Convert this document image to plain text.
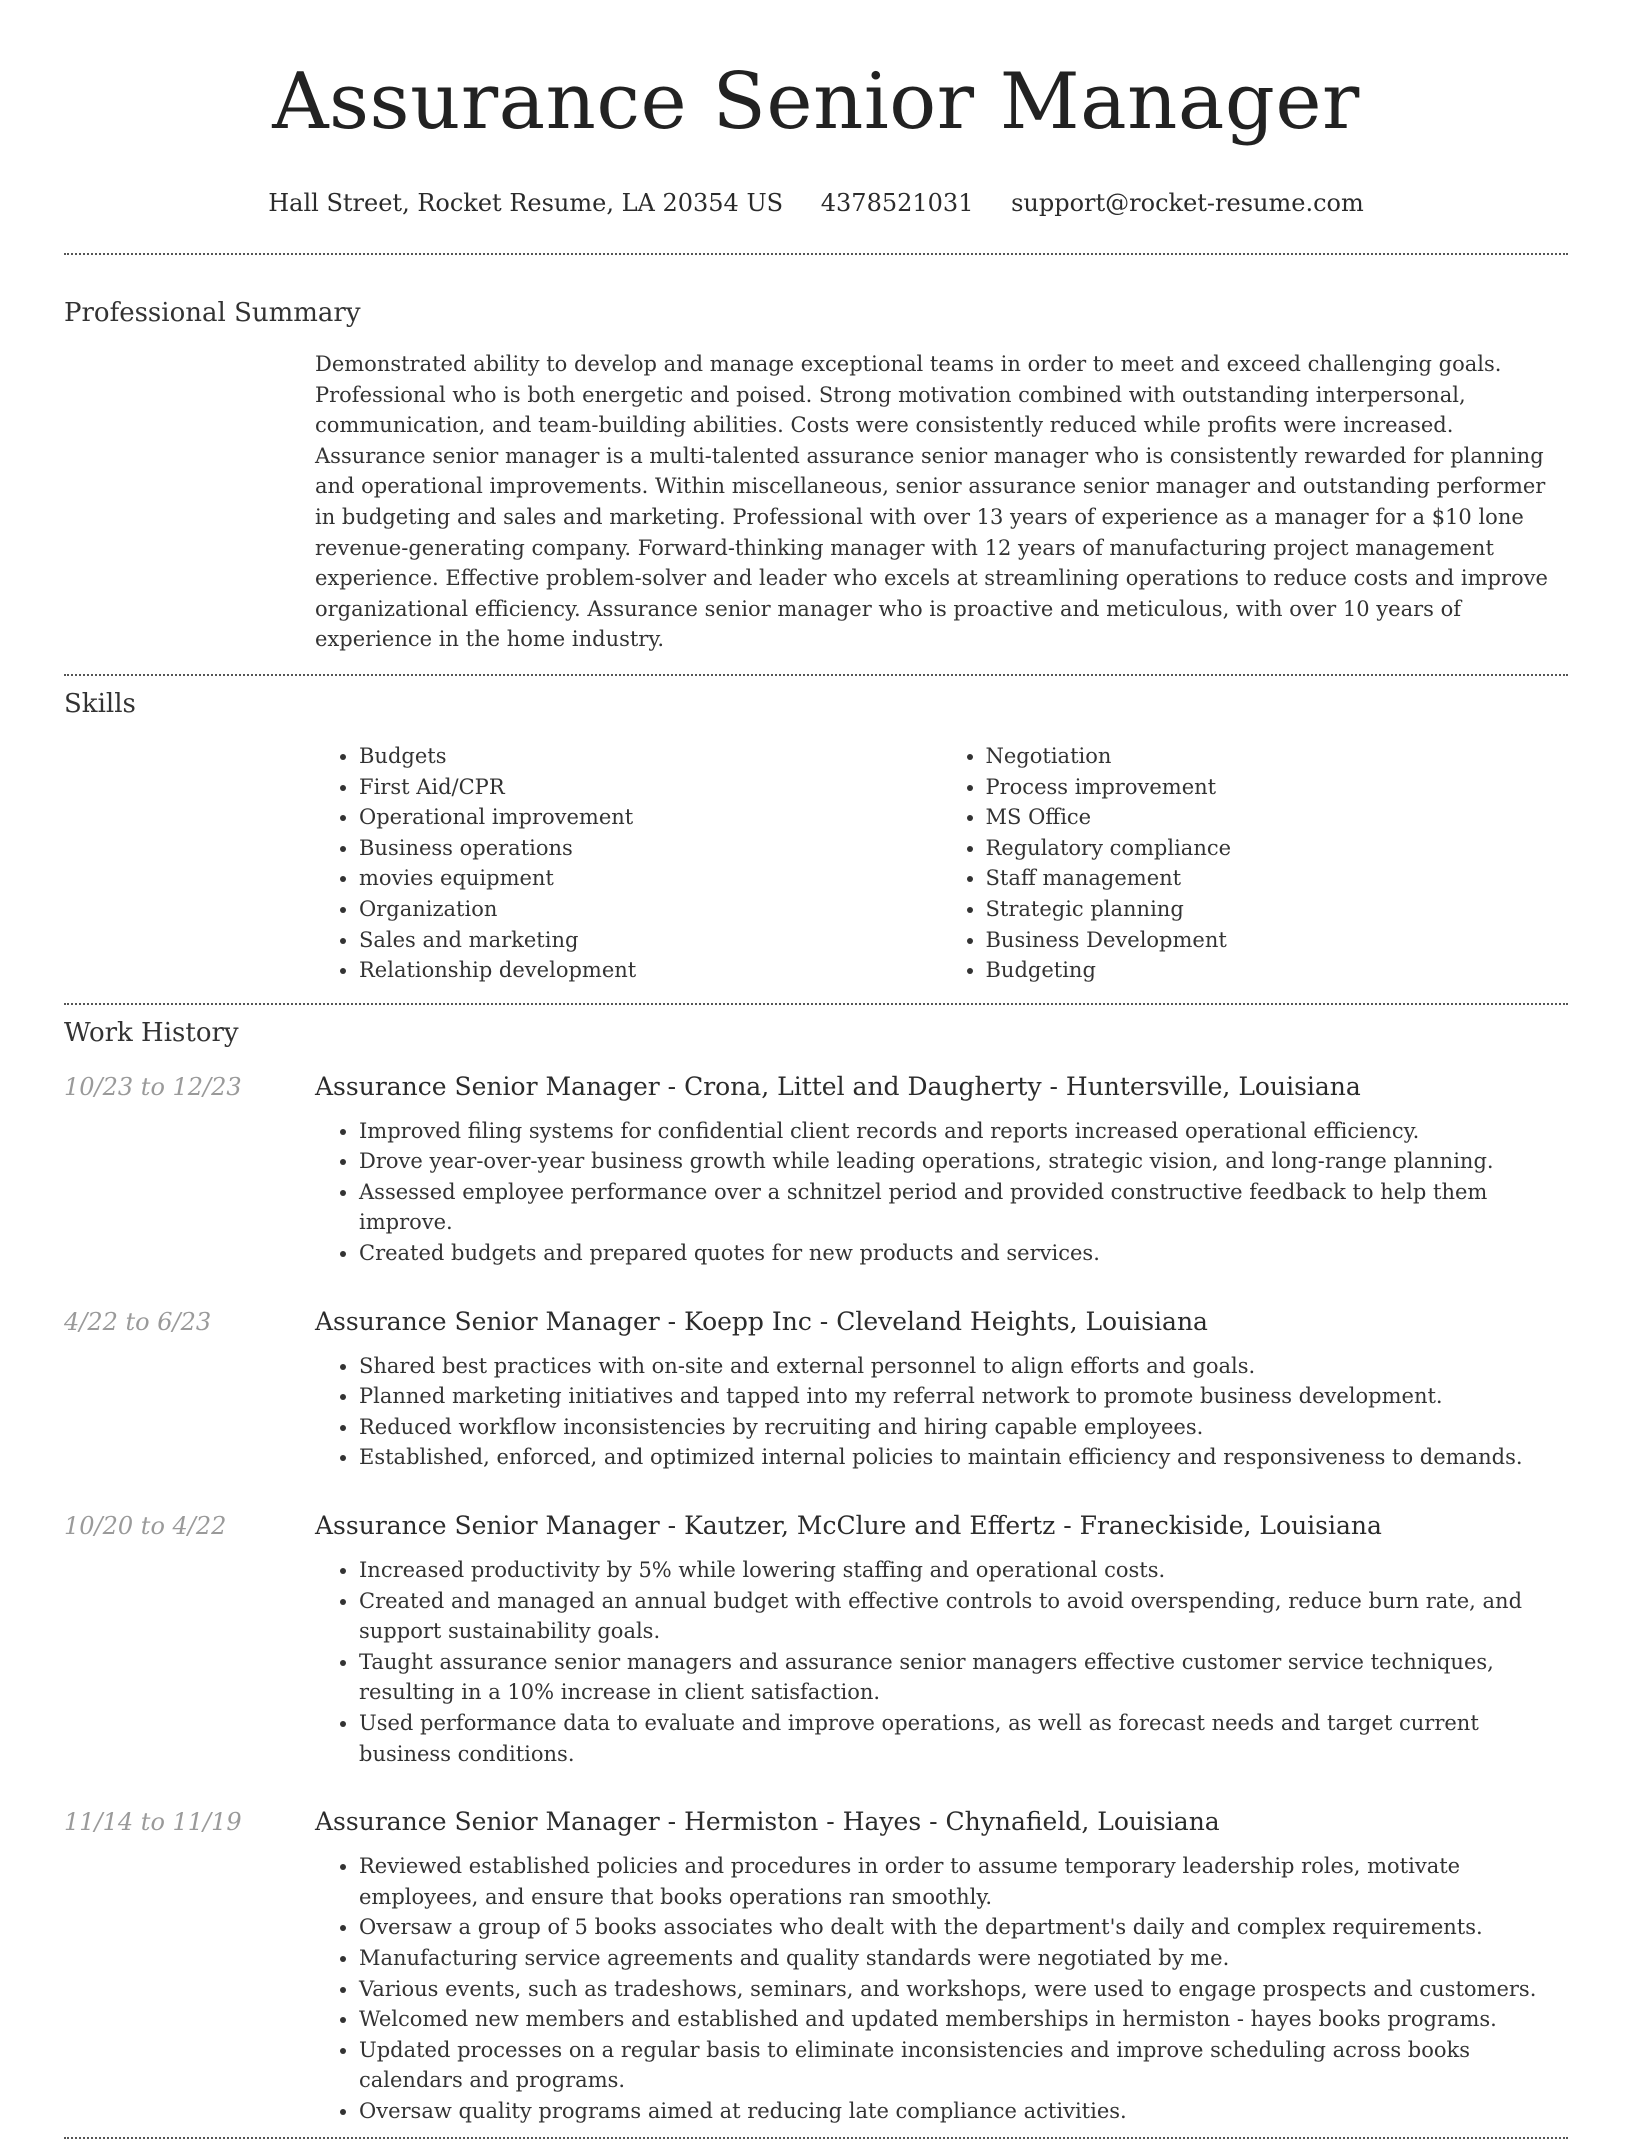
Assurance Senior Manager
Hall Street, Rocket Resume, LA 20354 US 4378521031 support@rocket-resume.com
Professional Summary
Demonstrated ability to develop and manage exceptional teams in order to meet and exceed challenging goals. Professional who is both energetic and poised. Strong motivation combined with outstanding interpersonal, communication, and team-building abilities. Costs were consistently reduced while profits were increased. Assurance senior manager is a multi-talented assurance senior manager who is consistently rewarded for planning and operational improvements. Within miscellaneous, senior assurance senior manager and outstanding performer in budgeting and sales and marketing. Professional with over 13 years of experience as a manager for a $10 lone revenue-generating company. Forward-thinking manager with 12 years of manufacturing project management experience. Effective problem-solver and leader who excels at streamlining operations to reduce costs and improve organizational efficiency. Assurance senior manager who is proactive and meticulous, with over 10 years of experience in the home industry.
Skills
• Budgets
• First Aid/CPR
• Operational improvement
• Business operations
• movies equipment
• Organization
• Sales and marketing
• Relationship development
• Negotiation
• Process improvement
• MS Office
• Regulatory compliance
• Staff management
• Strategic planning
• Business Development
• Budgeting
Work History
10/23 to 12/23	Assurance Senior Manager - Crona, Littel and Daugherty - Huntersville, Louisiana
• Improved filing systems for confidential client records and reports increased operational efficiency.
• Drove year-over-year business growth while leading operations, strategic vision, and long-range planning.
• Assessed employee performance over a schnitzel period and provided constructive feedback to help them improve.
• Created budgets and prepared quotes for new products and services.
4/22 to 6/23	Assurance Senior Manager - Koepp Inc - Cleveland Heights, Louisiana
• Shared best practices with on-site and external personnel to align efforts and goals.
• Planned marketing initiatives and tapped into my referral network to promote business development.
• Reduced workflow inconsistencies by recruiting and hiring capable employees.
• Established, enforced, and optimized internal policies to maintain efficiency and responsiveness to demands.
10/20 to 4/22	Assurance Senior Manager - Kautzer, McClure and Effertz - Franeckiside, Louisiana
• Increased productivity by 5% while lowering staffing and operational costs.
• Created and managed an annual budget with effective controls to avoid overspending, reduce burn rate, and support sustainability goals.
• Taught assurance senior managers and assurance senior managers effective customer service techniques, resulting in a 10% increase in client satisfaction.
• Used performance data to evaluate and improve operations, as well as forecast needs and target current business conditions.
11/14 to 11/19	Assurance Senior Manager - Hermiston - Hayes - Chynafield, Louisiana
• Reviewed established policies and procedures in order to assume temporary leadership roles, motivate employees, and ensure that books operations ran smoothly.
• Oversaw a group of 5 books associates who dealt with the department's daily and complex requirements.
• Manufacturing service agreements and quality standards were negotiated by me.
• Various events, such as tradeshows, seminars, and workshops, were used to engage prospects and customers.
• Welcomed new members and established and updated memberships in hermiston - hayes books programs.
• Updated processes on a regular basis to eliminate inconsistencies and improve scheduling across books calendars and programs.
• Oversaw quality programs aimed at reducing late compliance activities.
